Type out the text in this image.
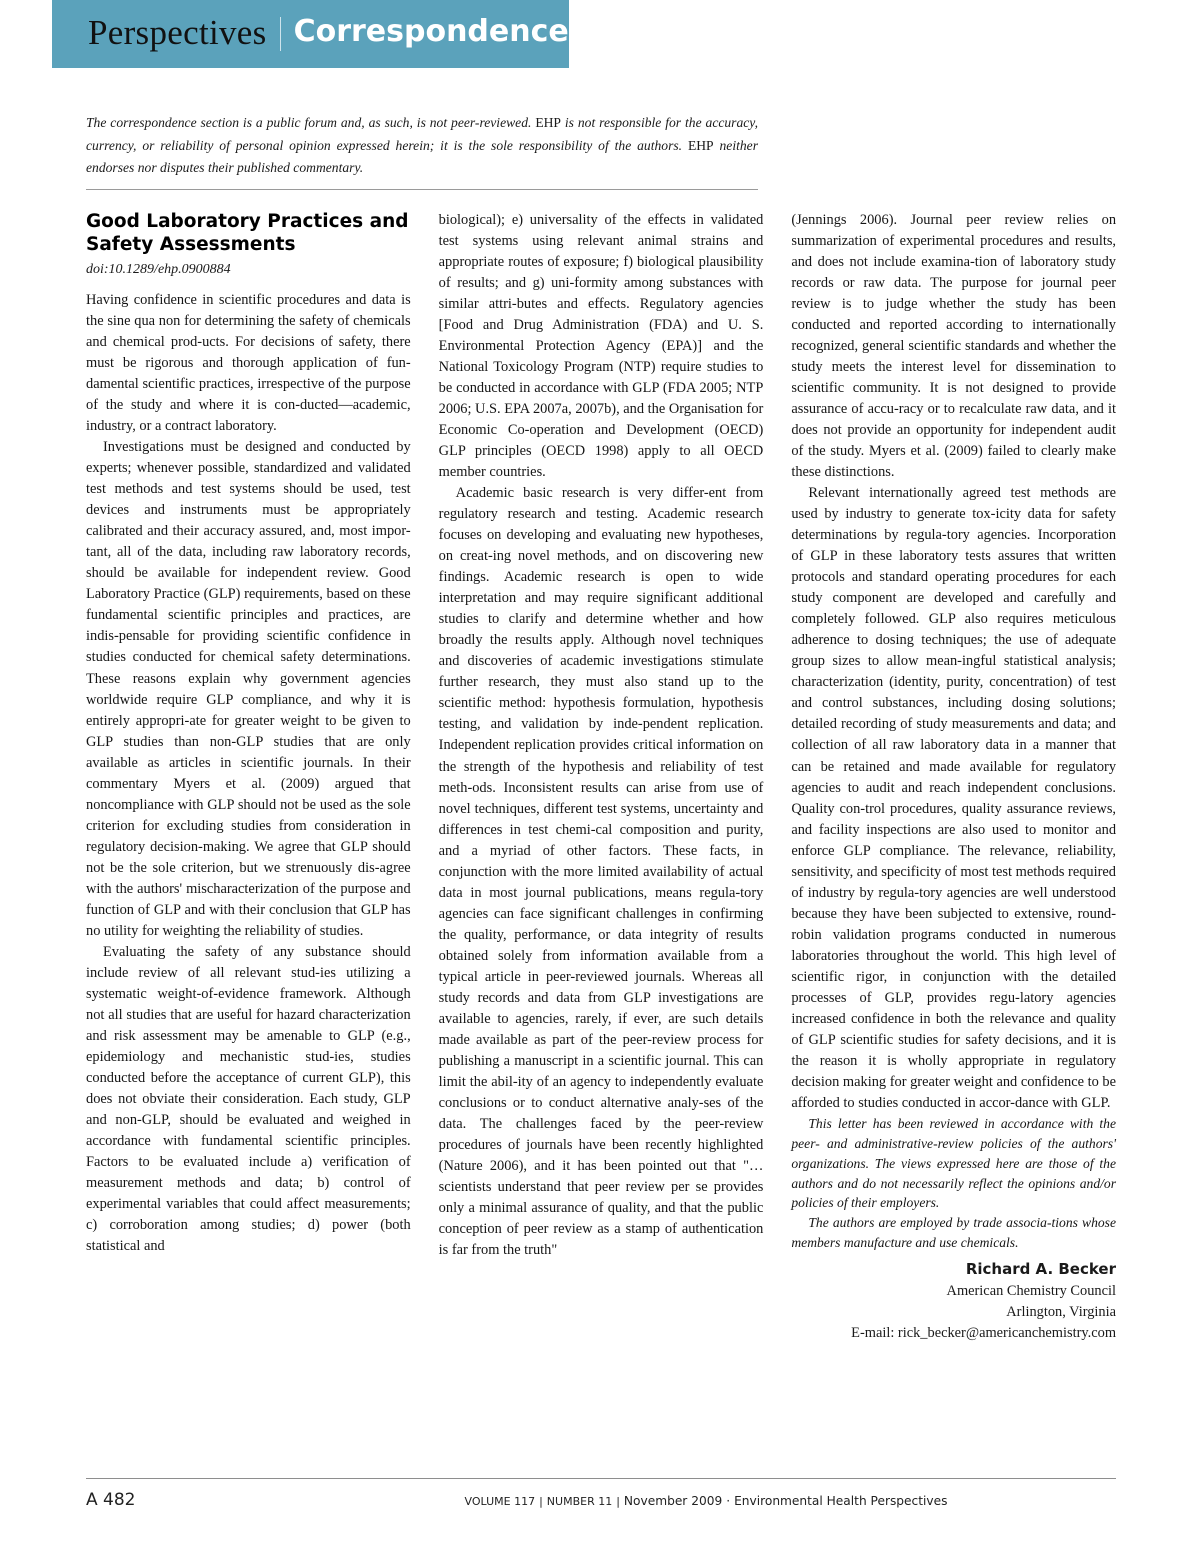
Perspectives Correspondence
The correspondence section is a public forum and, as such, is not peer-reviewed. EHP is not responsible for the accuracy, currency, or reliability of personal opinion expressed herein; it is the sole responsibility of the authors. EHP neither endorses nor disputes their published commentary.
Good Laboratory Practices and Safety Assessments
doi:10.1289/ehp.0900884

Having confidence in scientific procedures and data is the sine qua non for determining the safety of chemicals and chemical prod-ucts. For decisions of safety, there must be rigorous and thorough application of fun-damental scientific practices, irrespective of the purpose of the study and where it is con-ducted—academic, industry, or a contract laboratory.

Investigations must be designed and conducted by experts; whenever possible, standardized and validated test methods and test systems should be used, test devices and instruments must be appropriately calibrated and their accuracy assured, and, most impor-tant, all of the data, including raw laboratory records, should be available for independent review. Good Laboratory Practice (GLP) requirements, based on these fundamental scientific principles and practices, are indis-pensable for providing scientific confidence in studies conducted for chemical safety determinations. These reasons explain why government agencies worldwide require GLP compliance, and why it is entirely appropri-ate for greater weight to be given to GLP studies than non-GLP studies that are only available as articles in scientific journals. In their commentary Myers et al. (2009) argued that noncompliance with GLP should not be used as the sole criterion for excluding studies from consideration in regulatory decision-making. We agree that GLP should not be the sole criterion, but we strenuously dis-agree with the authors' mischaracterization of the purpose and function of GLP and with their conclusion that GLP has no utility for weighting the reliability of studies.

Evaluating the safety of any substance should include review of all relevant stud-ies utilizing a systematic weight-of-evidence framework. Although not all studies that are useful for hazard characterization and risk assessment may be amenable to GLP (e.g., epidemiology and mechanistic stud-ies, studies conducted before the acceptance of current GLP), this does not obviate their consideration. Each study, GLP and non-GLP, should be evaluated and weighed in accordance with fundamental scientific principles. Factors to be evaluated include a) verification of measurement methods and data; b) control of experimental variables that could affect measurements; c) corroboration among studies; d) power (both statistical and

biological); e) universality of the effects in validated test systems using relevant animal strains and appropriate routes of exposure; f) biological plausibility of results; and g) uni-formity among substances with similar attri-butes and effects. Regulatory agencies [Food and Drug Administration (FDA) and U. S. Environmental Protection Agency (EPA)] and the National Toxicology Program (NTP) require studies to be conducted in accordance with GLP (FDA 2005; NTP 2006; U.S. EPA 2007a, 2007b), and the Organisation for Economic Co-operation and Development (OECD) GLP principles (OECD 1998) apply to all OECD member countries.

Academic basic research is very differ-ent from regulatory research and testing. Academic research focuses on developing and evaluating new hypotheses, on creat-ing novel methods, and on discovering new findings. Academic research is open to wide interpretation and may require significant additional studies to clarify and determine whether and how broadly the results apply. Although novel techniques and discoveries of academic investigations stimulate further research, they must also stand up to the scientific method: hypothesis formulation, hypothesis testing, and validation by inde-pendent replication. Independent replication provides critical information on the strength of the hypothesis and reliability of test meth-ods. Inconsistent results can arise from use of novel techniques, different test systems, uncertainty and differences in test chemi-cal composition and purity, and a myriad of other factors. These facts, in conjunction with the more limited availability of actual data in most journal publications, means regula-tory agencies can face significant challenges in confirming the quality, performance, or data integrity of results obtained solely from information available from a typical article in peer-reviewed journals. Whereas all study records and data from GLP investigations are available to agencies, rarely, if ever, are such details made available as part of the peer-review process for publishing a manuscript in a scientific journal. This can limit the abil-ity of an agency to independently evaluate conclusions or to conduct alternative analy-ses of the data. The challenges faced by the peer-review procedures of journals have been recently highlighted (Nature 2006), and it has been pointed out that "…scientists understand that peer review per se provides only a minimal assurance of quality, and that the public conception of peer review as a stamp of authentication is far from the truth"

(Jennings 2006). Journal peer review relies on summarization of experimental procedures and results, and does not include examina-tion of laboratory study records or raw data. The purpose for journal peer review is to judge whether the study has been conducted and reported according to internationally recognized, general scientific standards and whether the study meets the interest level for dissemination to scientific community. It is not designed to provide assurance of accu-racy or to recalculate raw data, and it does not provide an opportunity for independent audit of the study. Myers et al. (2009) failed to clearly make these distinctions.

Relevant internationally agreed test methods are used by industry to generate tox-icity data for safety determinations by regula-tory agencies. Incorporation of GLP in these laboratory tests assures that written protocols and standard operating procedures for each study component are developed and carefully and completely followed. GLP also requires meticulous adherence to dosing techniques; the use of adequate group sizes to allow mean-ingful statistical analysis; characterization (identity, purity, concentration) of test and control substances, including dosing solutions; detailed recording of study measurements and data; and collection of all raw laboratory data in a manner that can be retained and made available for regulatory agencies to audit and reach independent conclusions. Quality con-trol procedures, quality assurance reviews, and facility inspections are also used to monitor and enforce GLP compliance. The relevance, reliability, sensitivity, and specificity of most test methods required of industry by regula-tory agencies are well understood because they have been subjected to extensive, round-robin validation programs conducted in numerous laboratories throughout the world. This high level of scientific rigor, in conjunction with the detailed processes of GLP, provides regu-latory agencies increased confidence in both the relevance and quality of GLP scientific studies for safety decisions, and it is the reason it is wholly appropriate in regulatory decision making for greater weight and confidence to be afforded to studies conducted in accor-dance with GLP.

This letter has been reviewed in accordance with the peer- and administrative-review policies of the authors' organizations. The views expressed here are those of the authors and do not necessarily reflect the opinions and/or policies of their employers.

The authors are employed by trade associa-tions whose members manufacture and use chemicals.

Richard A. Becker
American Chemistry Council
Arlington, Virginia
E-mail: rick_becker@americanchemistry.com
A 482	VOLUME 117 | NUMBER 11 | November 2009 · Environmental Health Perspectives
